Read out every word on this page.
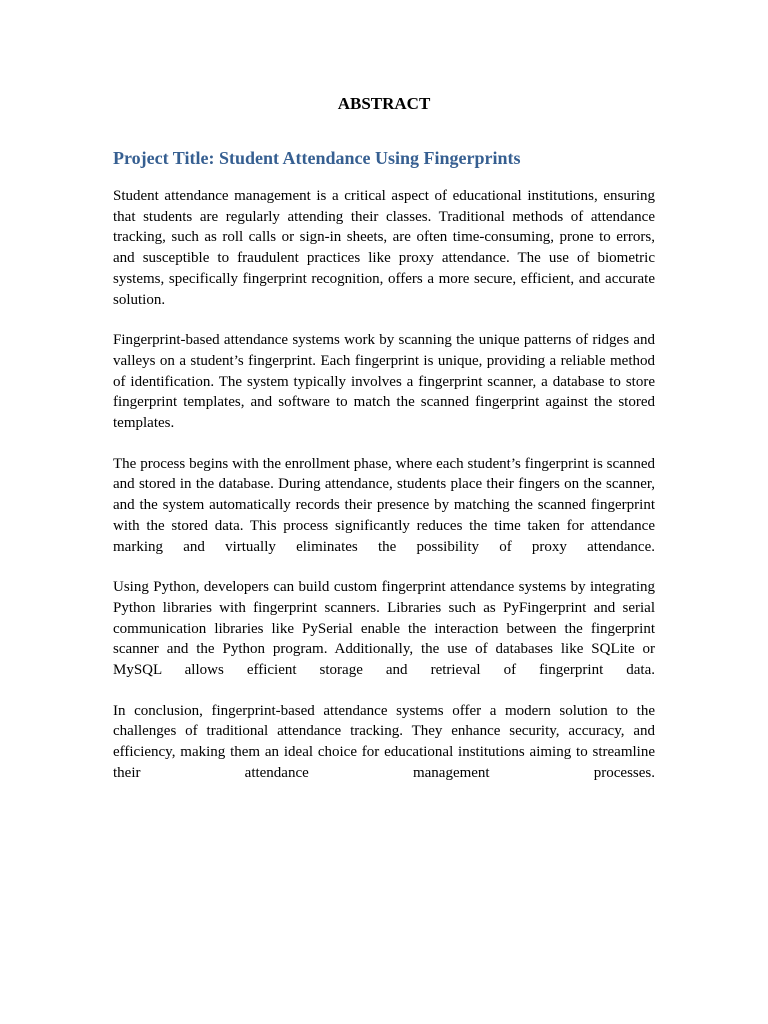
ABSTRACT
Project Title: Student Attendance Using Fingerprints

Student attendance management is a critical aspect of educational institutions, ensuring that students are regularly attending their classes. Traditional methods of attendance tracking, such as roll calls or sign-in sheets, are often time-consuming, prone to errors, and susceptible to fraudulent practices like proxy attendance. The use of biometric systems, specifically fingerprint recognition, offers a more secure, efficient, and accurate solution.

Fingerprint-based attendance systems work by scanning the unique patterns of ridges and valleys on a student’s fingerprint. Each fingerprint is unique, providing a reliable method of identification. The system typically involves a fingerprint scanner, a database to store fingerprint templates, and software to match the scanned fingerprint against the stored templates.

The process begins with the enrollment phase, where each student’s fingerprint is scanned and stored in the database. During attendance, students place their fingers on the scanner, and the system automatically records their presence by matching the scanned fingerprint with the stored data. This process significantly reduces the time taken for attendance marking and virtually eliminates the possibility of proxy attendance.

Using Python, developers can build custom fingerprint attendance systems by integrating Python libraries with fingerprint scanners. Libraries such as PyFingerprint and serial communication libraries like PySerial enable the interaction between the fingerprint scanner and the Python program. Additionally, the use of databases like SQLite or MySQL allows efficient storage and retrieval of fingerprint data.

In conclusion, fingerprint-based attendance systems offer a modern solution to the challenges of traditional attendance tracking. They enhance security, accuracy, and efficiency, making them an ideal choice for educational institutions aiming to streamline their attendance management processes.
